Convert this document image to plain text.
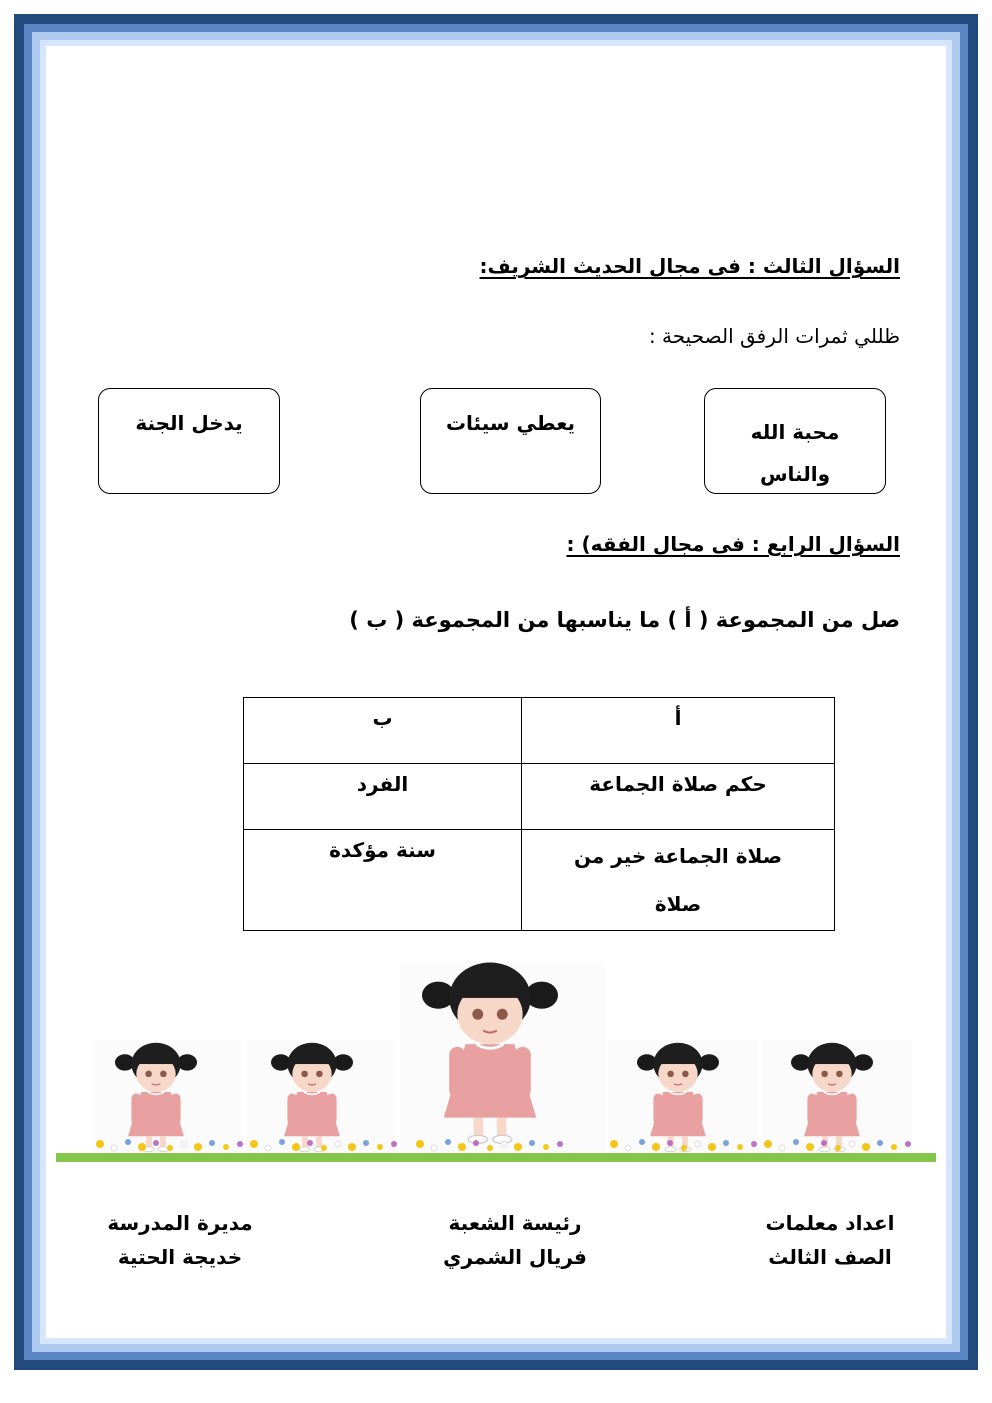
السؤال الثالث : فى مجال الحديث الشريف:
ظللي ثمرات الرفق الصحيحة :
محبة الله والناس
يعطي سيئات
يدخل الجنة
السؤال الرابع : فى مجال الفقه) :
صل من المجموعة ( أ ) ما يناسبها من المجموعة ( ب )
أ	ب
حكم صلاة الجماعة	الفرد
صلاة الجماعة خير من صلاة	سنة مؤكدة
اعداد معلمات
الصف الثالث
رئيسة الشعبة
فريال الشمري
مديرة المدرسة
خديجة الحتية
